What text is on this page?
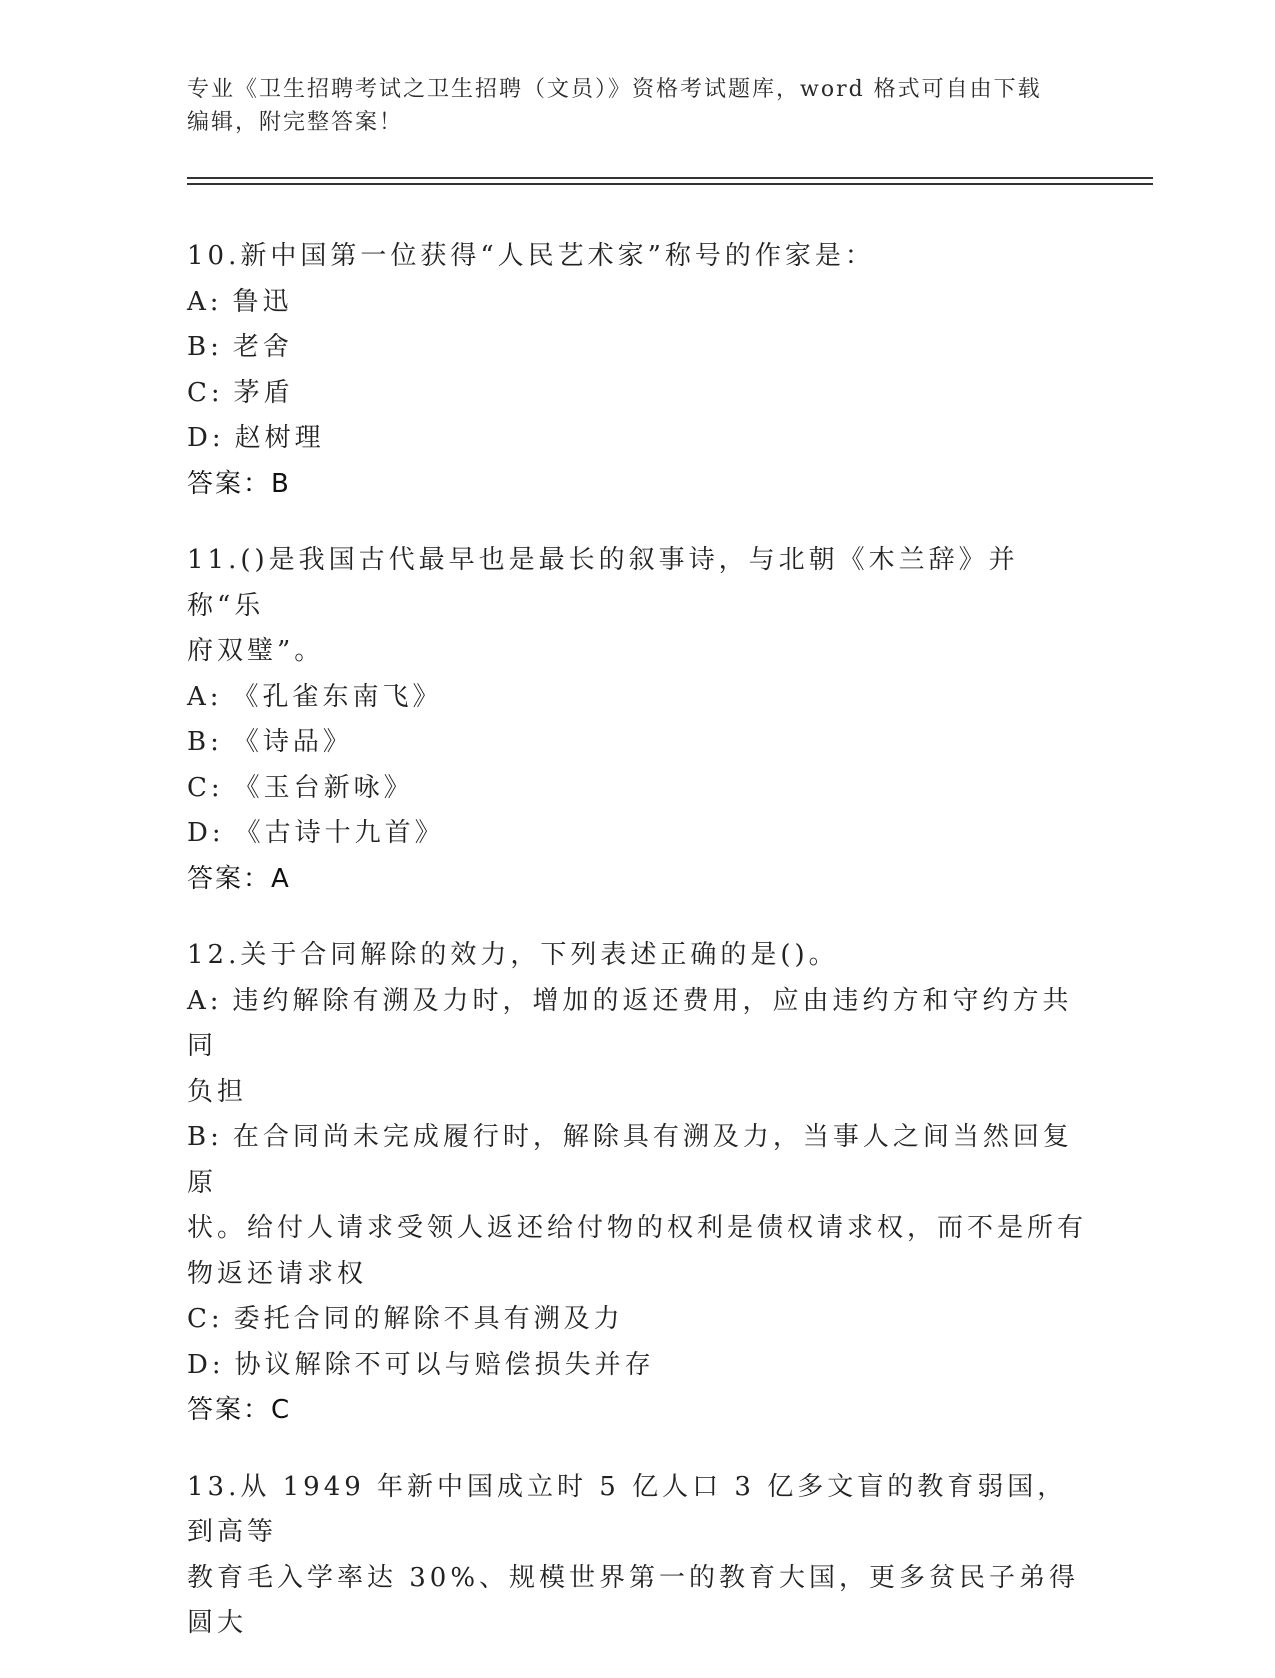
专业《卫生招聘考试之卫生招聘（文员）》资格考试题库，word 格式可自由下载
编辑，附完整答案！
10.新中国第一位获得“人民艺术家”称号的作家是：
A: 鲁迅
B: 老舍
C: 茅盾
D: 赵树理
答案：B
11.()是我国古代最早也是最长的叙事诗，与北朝《木兰辞》并称“乐
府双璧”。
A: 《孔雀东南飞》
B: 《诗品》
C: 《玉台新咏》
D: 《古诗十九首》
答案：A
12.关于合同解除的效力，下列表述正确的是()。
A: 违约解除有溯及力时，增加的返还费用，应由违约方和守约方共同
负担
B: 在合同尚未完成履行时，解除具有溯及力，当事人之间当然回复原
状。给付人请求受领人返还给付物的权利是债权请求权，而不是所有
物返还请求权
C: 委托合同的解除不具有溯及力
D: 协议解除不可以与赔偿损失并存
答案：C
13.从 1949 年新中国成立时 5 亿人口 3 亿多文盲的教育弱国，到高等
教育毛入学率达 30%、规模世界第一的教育大国，更多贫民子弟得圆大
